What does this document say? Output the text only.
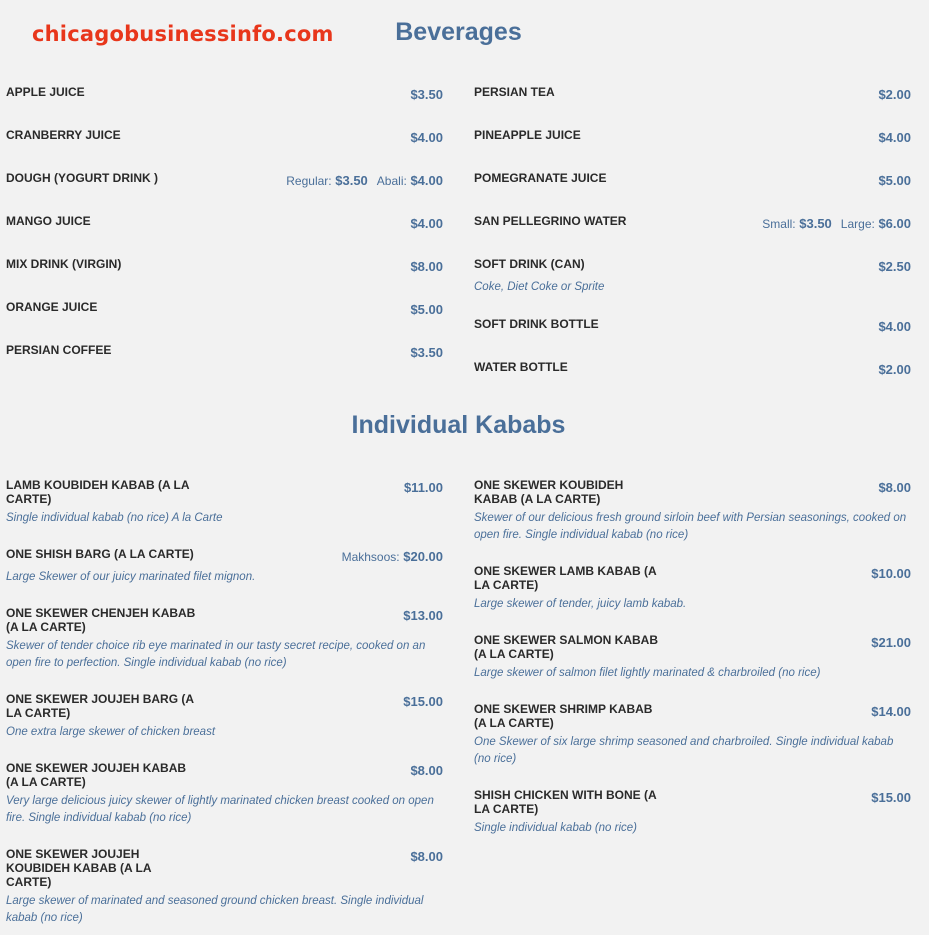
chicagobusinessinfo.com	Beverages
APPLE JUICE	$3.50
CRANBERRY JUICE	$4.00
DOUGH (YOGURT DRINK )	Regular: $3.50 Abali: $4.00
MANGO JUICE	$4.00
MIX DRINK (VIRGIN)	$8.00
ORANGE JUICE	$5.00
PERSIAN COFFEE	$3.50
PERSIAN TEA	$2.00
PINEAPPLE JUICE	$4.00
POMEGRANATE JUICE	$5.00
SAN PELLEGRINO WATER	Small: $3.50 Large: $6.00
SOFT DRINK (CAN)	$2.50
Coke, Diet Coke or Sprite
SOFT DRINK BOTTLE	$4.00
WATER BOTTLE	$2.00
Individual Kababs
LAMB KOUBIDEH KABAB (A LA CARTE)
$11.00
Single individual kabab (no rice) A la Carte
ONE SHISH BARG (A LA CARTE)	Makhsoos: $20.00
Large Skewer of our juicy marinated filet mignon.
ONE SKEWER CHENJEH KABAB (A LA CARTE)
$13.00
Skewer of tender choice rib eye marinated in our tasty secret recipe, cooked on an open fire to perfection. Single individual kabab (no rice)
ONE SKEWER JOUJEH BARG (A LA CARTE)
$15.00
One extra large skewer of chicken breast
ONE SKEWER JOUJEH KABAB (A LA CARTE)
$8.00
Very large delicious juicy skewer of lightly marinated chicken breast cooked on open fire. Single individual kabab (no rice)
ONE SKEWER JOUJEH KOUBIDEH KABAB (A LA CARTE)
$8.00
Large skewer of marinated and seasoned ground chicken breast. Single individual kabab (no rice)
ONE SKEWER KOUBIDEH KABAB (A LA CARTE)
$8.00
Skewer of our delicious fresh ground sirloin beef with Persian seasonings, cooked on open fire. Single individual kabab (no rice)
ONE SKEWER LAMB KABAB (A LA CARTE)
$10.00
Large skewer of tender, juicy lamb kabab.
ONE SKEWER SALMON KABAB (A LA CARTE)
$21.00
Large skewer of salmon filet lightly marinated & charbroiled (no rice)
ONE SKEWER SHRIMP KABAB (A LA CARTE)
$14.00
One Skewer of six large shrimp seasoned and charbroiled. Single individual kabab (no rice)
SHISH CHICKEN WITH BONE (A LA CARTE)
$15.00
Single individual kabab (no rice)
